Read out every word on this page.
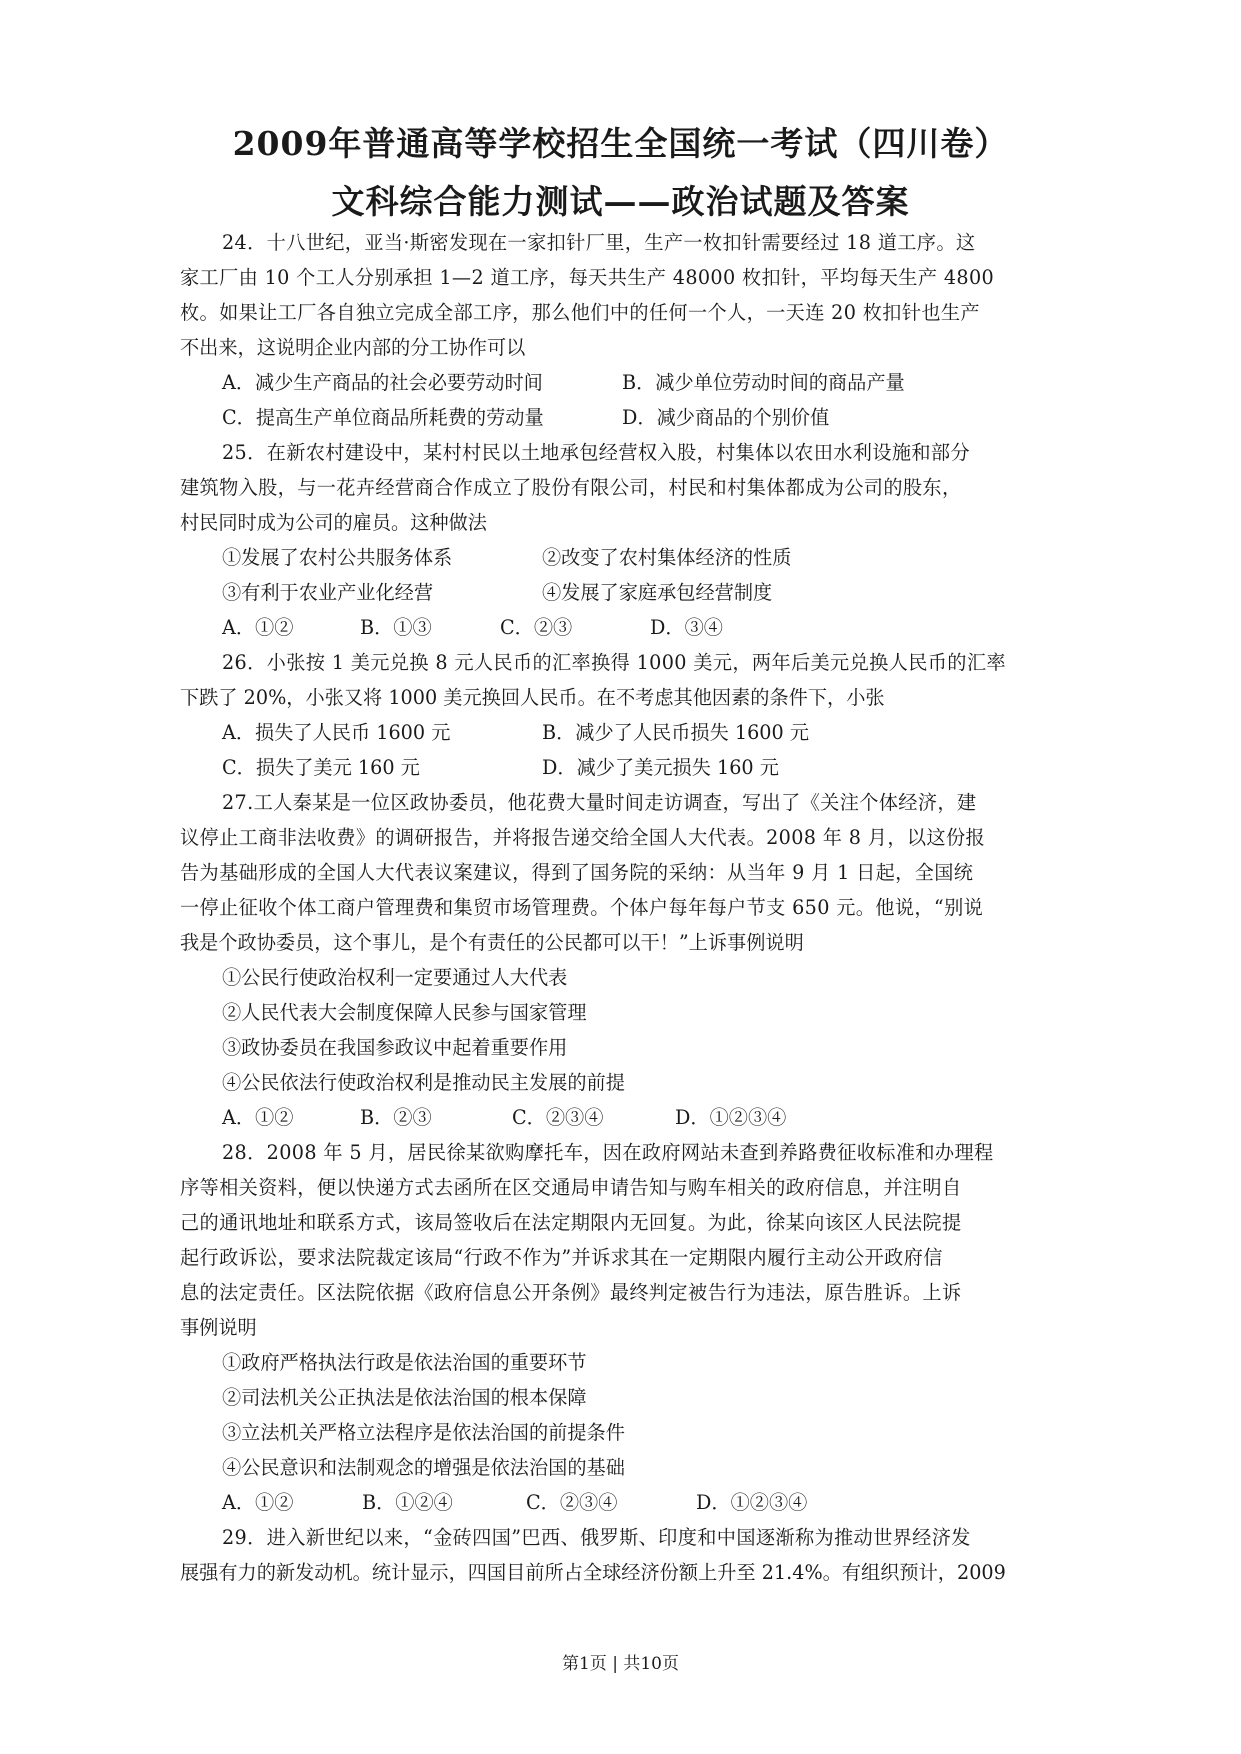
2009年普通高等学校招生全国统一考试（四川卷）
文科综合能力测试——政治试题及答案
24．十八世纪，亚当·斯密发现在一家扣针厂里，生产一枚扣针需要经过 18 道工序。这
家工厂由 10 个工人分别承担 1—2 道工序，每天共生产 48000 枚扣针，平均每天生产 4800
枚。如果让工厂各自独立完成全部工序，那么他们中的任何一个人，一天连 20 枚扣针也生产
不出来，这说明企业内部的分工协作可以
A．减少生产商品的社会必要劳动时间	B．减少单位劳动时间的商品产量
C．提高生产单位商品所耗费的劳动量	D．减少商品的个别价值
25．在新农村建设中，某村村民以土地承包经营权入股，村集体以农田水利设施和部分
建筑物入股，与一花卉经营商合作成立了股份有限公司，村民和村集体都成为公司的股东，
村民同时成为公司的雇员。这种做法
①发展了农村公共服务体系	②改变了农村集体经济的性质
③有利于农业产业化经营	④发展了家庭承包经营制度
A．①②	B．①③	C．②③	D．③④
26．小张按 1 美元兑换 8 元人民币的汇率换得 1000 美元，两年后美元兑换人民币的汇率
下跌了 20%，小张又将 1000 美元换回人民币。在不考虑其他因素的条件下，小张
A．损失了人民币 1600 元	B．减少了人民币损失 1600 元
C．损失了美元 160 元	D．减少了美元损失 160 元
27.工人秦某是一位区政协委员，他花费大量时间走访调查，写出了《关注个体经济，建
议停止工商非法收费》的调研报告，并将报告递交给全国人大代表。2008 年 8 月，以这份报
告为基础形成的全国人大代表议案建议，得到了国务院的采纳：从当年 9 月 1 日起，全国统
一停止征收个体工商户管理费和集贸市场管理费。个体户每年每户节支 650 元。他说，“别说
我是个政协委员，这个事儿，是个有责任的公民都可以干！”上诉事例说明
①公民行使政治权利一定要通过人大代表
②人民代表大会制度保障人民参与国家管理
③政协委员在我国参政议中起着重要作用
④公民依法行使政治权利是推动民主发展的前提
A．①②	B．②③	C．②③④	D．①②③④
28．2008 年 5 月，居民徐某欲购摩托车，因在政府网站未查到养路费征收标准和办理程
序等相关资料，便以快递方式去函所在区交通局申请告知与购车相关的政府信息，并注明自
己的通讯地址和联系方式，该局签收后在法定期限内无回复。为此，徐某向该区人民法院提
起行政诉讼，要求法院裁定该局“行政不作为”并诉求其在一定期限内履行主动公开政府信
息的法定责任。区法院依据《政府信息公开条例》最终判定被告行为违法，原告胜诉。上诉
事例说明
①政府严格执法行政是依法治国的重要环节
②司法机关公正执法是依法治国的根本保障
③立法机关严格立法程序是依法治国的前提条件
④公民意识和法制观念的增强是依法治国的基础
A．①②	B．①②④	C．②③④	D．①②③④
29．进入新世纪以来，“金砖四国”巴西、俄罗斯、印度和中国逐渐称为推动世界经济发
展强有力的新发动机。统计显示，四国目前所占全球经济份额上升至 21.4%。有组织预计，2009
第1页 | 共10页
